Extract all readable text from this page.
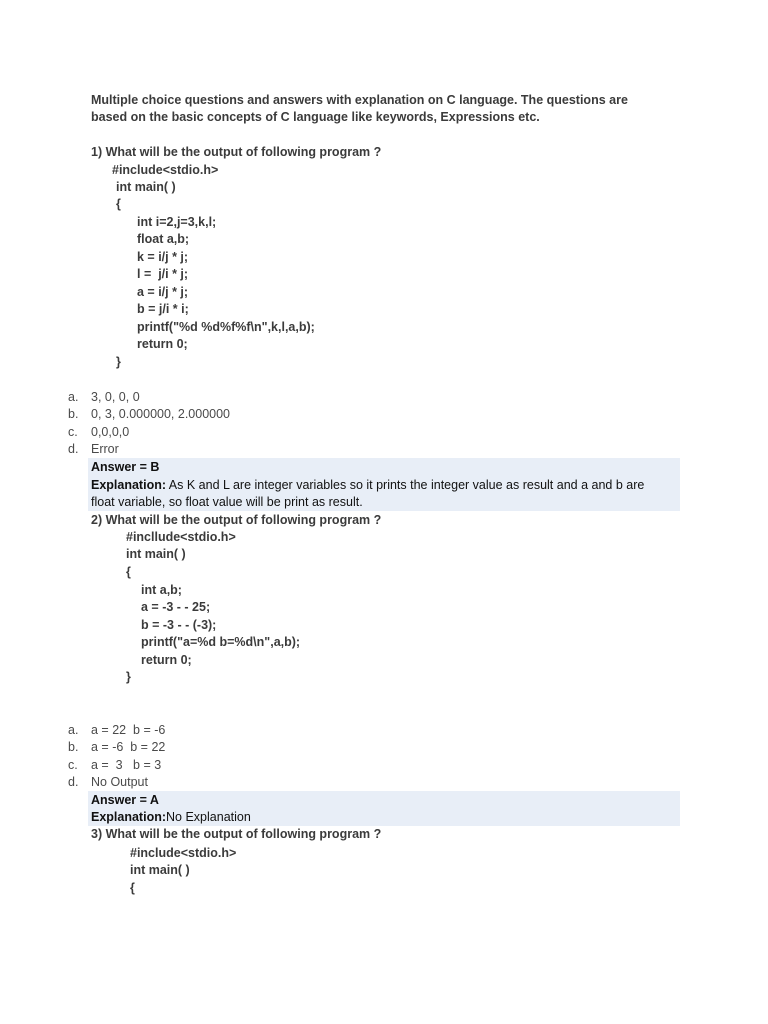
Multiple choice questions and answers with explanation on C language. The questions are
based on the basic concepts of C language like keywords, Expressions etc.
1) What will be the output of following program ?
#include<stdio.h>
int main( )
{
int i=2,j=3,k,l;
float a,b;
k = i/j * j;
l =  j/i * j;
a = i/j * j;
b = j/i * i;
printf("%d %d%f%f\n",k,l,a,b);
return 0;
}
a. 3, 0, 0, 0
b. 0, 3, 0.000000, 2.000000
c. 0,0,0,0
d. Error
Answer = B
Explanation: As K and L are integer variables so it prints the integer value as result and a and b are
float variable, so float value will be print as result.
2) What will be the output of following program ?
#incllude<stdio.h>
int main( )
{
int a,b;
a = -3 - - 25;
b = -3 - - (-3);
printf("a=%d b=%d\n",a,b);
return 0;
}
a. a = 22  b = -6
b. a = -6  b = 22
c. a =  3   b = 3
d. No Output
Answer = A
Explanation:No Explanation
3) What will be the output of following program ?
#include<stdio.h>
int main( )
{
